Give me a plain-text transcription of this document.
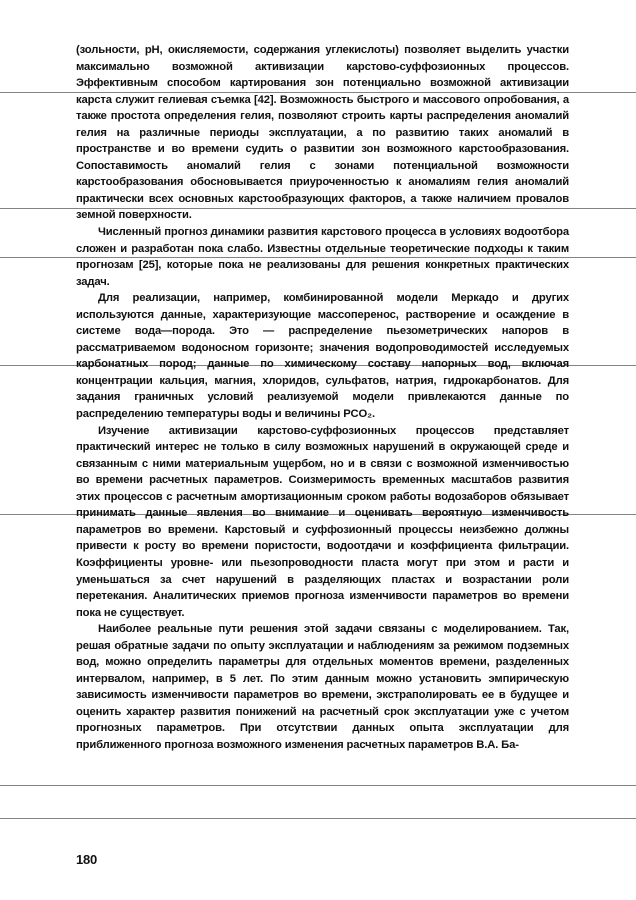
(зольности, pH, окисляемости, содержания углекислоты) позволяет выделить участки максимально возможной активизации карстово-суффозионных процессов. Эффективным способом картирования зон потенциально возможной активизации карста служит гелиевая съемка [42]. Возможность быстрого и массового опробования, а также простота определения гелия, позволяют строить карты распределения аномалий гелия на различные периоды эксплуатации, а по развитию таких аномалий в пространстве и во времени судить о развитии зон возможного карстообразования. Сопоставимость аномалий гелия с зонами потенциальной возможности карстообразования обосновывается приуроченностью к аномалиям гелия аномалий практически всех основных карстообразующих факторов, а также наличием провалов земной поверхности.

Численный прогноз динамики развития карстового процесса в условиях водоотбора сложен и разработан пока слабо. Известны отдельные теоретические подходы к таким прогнозам [25], которые пока не реализованы для решения конкретных практических задач.

Для реализации, например, комбинированной модели Меркадо и других используются данные, характеризующие массоперенос, растворение и осаждение в системе вода—порода. Это — распределение пьезометрических напоров в рассматриваемом водоносном горизонте; значения водопроводимостей исследуемых карбонатных пород; данные по химическому составу напорных вод, включая концентрации кальция, магния, хлоридов, сульфатов, натрия, гидрокарбонатов. Для задания граничных условий реализуемой модели привлекаются данные по распределению температуры воды и величины PCO₂.

Изучение активизации карстово-суффозионных процессов представляет практический интерес не только в силу возможных нарушений в окружающей среде и связанным с ними материальным ущербом, но и в связи с возможной изменчивостью во времени расчетных параметров. Соизмеримость временных масштабов развития этих процессов с расчетным амортизационным сроком работы водозаборов обязывает принимать данные явления во внимание и оценивать вероятную изменчивость параметров во времени. Карстовый и суффозионный процессы неизбежно должны привести к росту во времени пористости, водоотдачи и коэффициента фильтрации. Коэффициенты уровне- или пьезопроводности пласта могут при этом и расти и уменьшаться за счет нарушений в разделяющих пластах и возрастании роли перетекания. Аналитических приемов прогноза изменчивости параметров во времени пока не существует.

Наиболее реальные пути решения этой задачи связаны с моделированием. Так, решая обратные задачи по опыту эксплуатации и наблюдениям за режимом подземных вод, можно определить параметры для отдельных моментов времени, разделенных интервалом, например, в 5 лет. По этим данным можно установить эмпирическую зависимость изменчивости параметров во времени, экстраполировать ее в будущее и оценить характер развития понижений на расчетный срок эксплуатации уже с учетом прогнозных параметров. При отсутствии данных опыта эксплуатации для приближенного прогноза возможного изменения расчетных параметров В.А. Ба-

180
